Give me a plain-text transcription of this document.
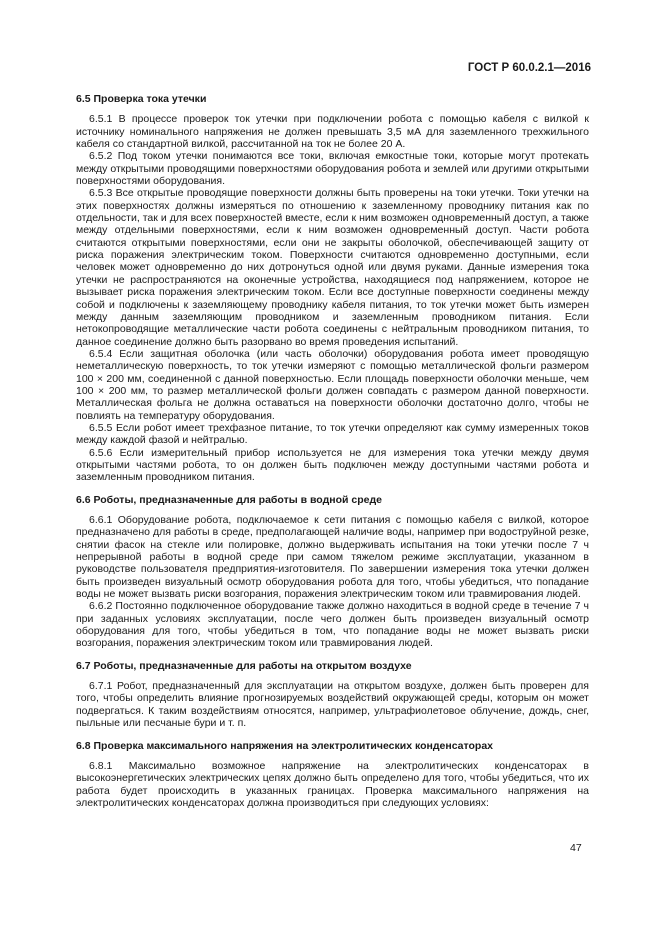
ГОСТ Р 60.0.2.1—2016
6.5 Проверка тока утечки

6.5.1 В процессе проверок ток утечки при подключении робота с помощью кабеля с вилкой к источнику номинального напряжения не должен превышать 3,5 мА для заземленного трехжильного кабеля со стандартной вилкой, рассчитанной на ток не более 20 А.

6.5.2 Под током утечки понимаются все токи, включая емкостные токи, которые могут протекать между открытыми проводящими поверхностями оборудования робота и землей или другими открытыми поверхностями оборудования.

6.5.3 Все открытые проводящие поверхности должны быть проверены на токи утечки. Токи утечки на этих поверхностях должны измеряться по отношению к заземленному проводнику питания как по отдельности, так и для всех поверхностей вместе, если к ним возможен одновременный доступ, а также между отдельными поверхностями, если к ним возможен одновременный доступ. Части робота считаются открытыми поверхностями, если они не закрыты оболочкой, обеспечивающей защиту от риска поражения электрическим током. Поверхности считаются одновременно доступными, если человек может одновременно до них дотронуться одной или двумя руками. Данные измерения тока утечки не распространяются на оконечные устройства, находящиеся под напряжением, которое не вызывает риска поражения электрическим током. Если все доступные поверхности соединены между собой и подключены к заземляющему проводнику кабеля питания, то ток утечки может быть измерен между данным заземляющим проводником и заземленным проводником питания. Если нетокопроводящие металлические части робота соединены с нейтральным проводником питания, то данное соединение должно быть разорвано во время проведения испытаний.

6.5.4 Если защитная оболочка (или часть оболочки) оборудования робота имеет проводящую неметаллическую поверхность, то ток утечки измеряют с помощью металлической фольги размером 100 × 200 мм, соединенной с данной поверхностью. Если площадь поверхности оболочки меньше, чем 100 × 200 мм, то размер металлической фольги должен совпадать с размером данной поверхности. Металлическая фольга не должна оставаться на поверхности оболочки достаточно долго, чтобы не повлиять на температуру оборудования.

6.5.5 Если робот имеет трехфазное питание, то ток утечки определяют как сумму измеренных токов между каждой фазой и нейтралью.

6.5.6 Если измерительный прибор используется не для измерения тока утечки между двумя открытыми частями робота, то он должен быть подключен между доступными частями робота и заземленным проводником питания.

6.6 Роботы, предназначенные для работы в водной среде

6.6.1 Оборудование робота, подключаемое к сети питания с помощью кабеля с вилкой, которое предназначено для работы в среде, предполагающей наличие воды, например при водоструйной резке, снятии фасок на стекле или полировке, должно выдерживать испытания на токи утечки после 7 ч непрерывной работы в водной среде при самом тяжелом режиме эксплуатации, указанном в руководстве пользователя предприятия-изготовителя. По завершении измерения тока утечки должен быть произведен визуальный осмотр оборудования робота для того, чтобы убедиться, что попадание воды не может вызвать риски возгорания, поражения электрическим током или травмирования людей.

6.6.2 Постоянно подключенное оборудование также должно находиться в водной среде в течение 7 ч при заданных условиях эксплуатации, после чего должен быть произведен визуальный осмотр оборудования для того, чтобы убедиться в том, что попадание воды не может вызвать риски возгорания, поражения электрическим током или травмирования людей.

6.7 Роботы, предназначенные для работы на открытом воздухе

6.7.1 Робот, предназначенный для эксплуатации на открытом воздухе, должен быть проверен для того, чтобы определить влияние прогнозируемых воздействий окружающей среды, которым он может подвергаться. К таким воздействиям относятся, например, ультрафиолетовое облучение, дождь, снег, пыльные или песчаные бури и т. п.

6.8 Проверка максимального напряжения на электролитических конденсаторах

6.8.1 Максимально возможное напряжение на электролитических конденсаторах в высокоэнергетических электрических цепях должно быть определено для того, чтобы убедиться, что их работа будет происходить в указанных границах. Проверка максимального напряжения на электролитических конденсаторах должна производиться при следующих условиях:

47
